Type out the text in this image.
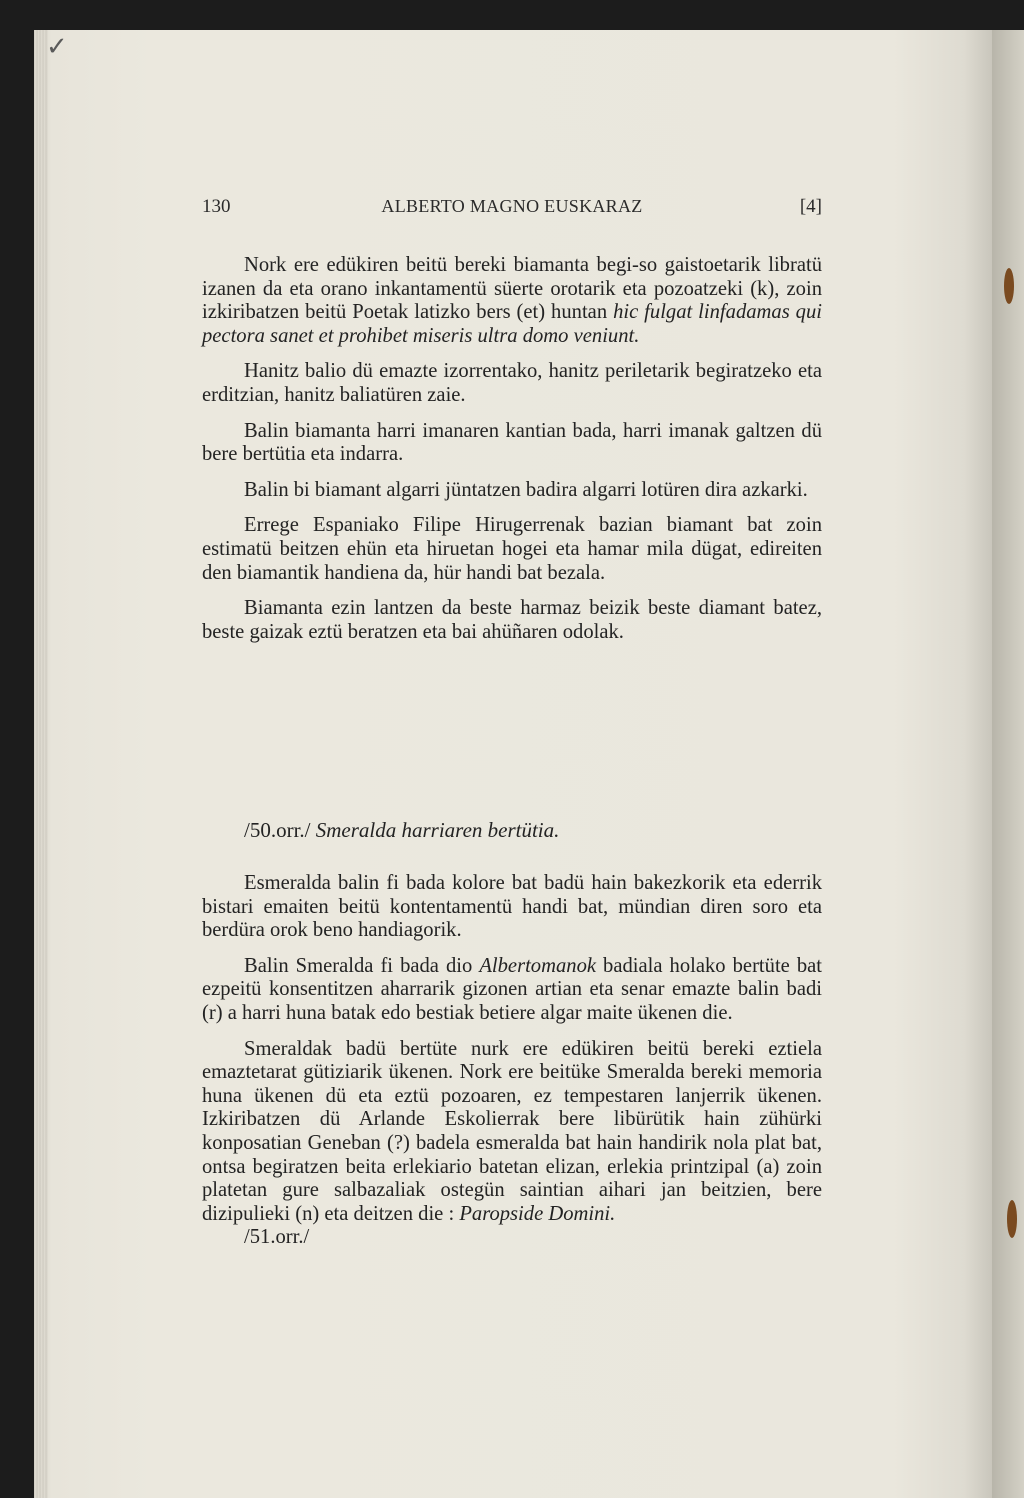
✓
130	ALBERTO MAGNO EUSKARAZ	[4]

Nork ere edükiren beitü bereki biamanta begi-so gaistoetarik libratü izanen da eta orano inkantamentü süerte orotarik eta pozoatzeki (k), zoin izkiribatzen beitü Poetak latizko bers (et) huntan hic fulgat linfadamas qui pectora sanet et prohibet miseris ultra domo veniunt.

Hanitz balio dü emazte izorrentako, hanitz periletarik begiratzeko eta erditzian, hanitz baliatüren zaie.

Balin biamanta harri imanaren kantian bada, harri imanak galtzen dü bere bertütia eta indarra.

Balin bi biamant algarri jüntatzen badira algarri lotüren dira azkarki.

Errege Espaniako Filipe Hirugerrenak bazian biamant bat zoin estimatü beitzen ehün eta hiruetan hogei eta hamar mila dügat, edireiten den biamantik handiena da, hür handi bat bezala.

Biamanta ezin lantzen da beste harmaz beizik beste diamant batez, beste gaizak eztü beratzen eta bai ahüñaren odolak.

/50.orr./ Smeralda harriaren bertütia.

Esmeralda balin fi bada kolore bat badü hain bakezkorik eta ederrik bistari emaiten beitü kontentamentü handi bat, mündian diren soro eta berdüra orok beno handiagorik.

Balin Smeralda fi bada dio Albertomanok badiala holako bertüte bat ezpeitü konsentitzen aharrarik gizonen artian eta senar emazte balin badi (r) a harri huna batak edo bestiak betiere algar maite ükenen die.

Smeraldak badü bertüte nurk ere edükiren beitü bereki eztiela emaztetarat gütiziarik ükenen. Nork ere beitüke Smeralda bereki memoria huna ükenen dü eta eztü pozoaren, ez tempestaren lanjerrik ükenen. Izkiribatzen dü Arlande Eskolierrak bere libürütik hain zühürki konposatian Geneban (?) badela esmeralda bat hain handirik nola plat bat, ontsa begiratzen beita erlekiario batetan elizan, erlekia printzipal (a) zoin platetan gure salbazaliak ostegün saintian aihari jan beitzien, bere dizipulieki (n) eta deitzen die : Paropside Domini.

/51.orr./
